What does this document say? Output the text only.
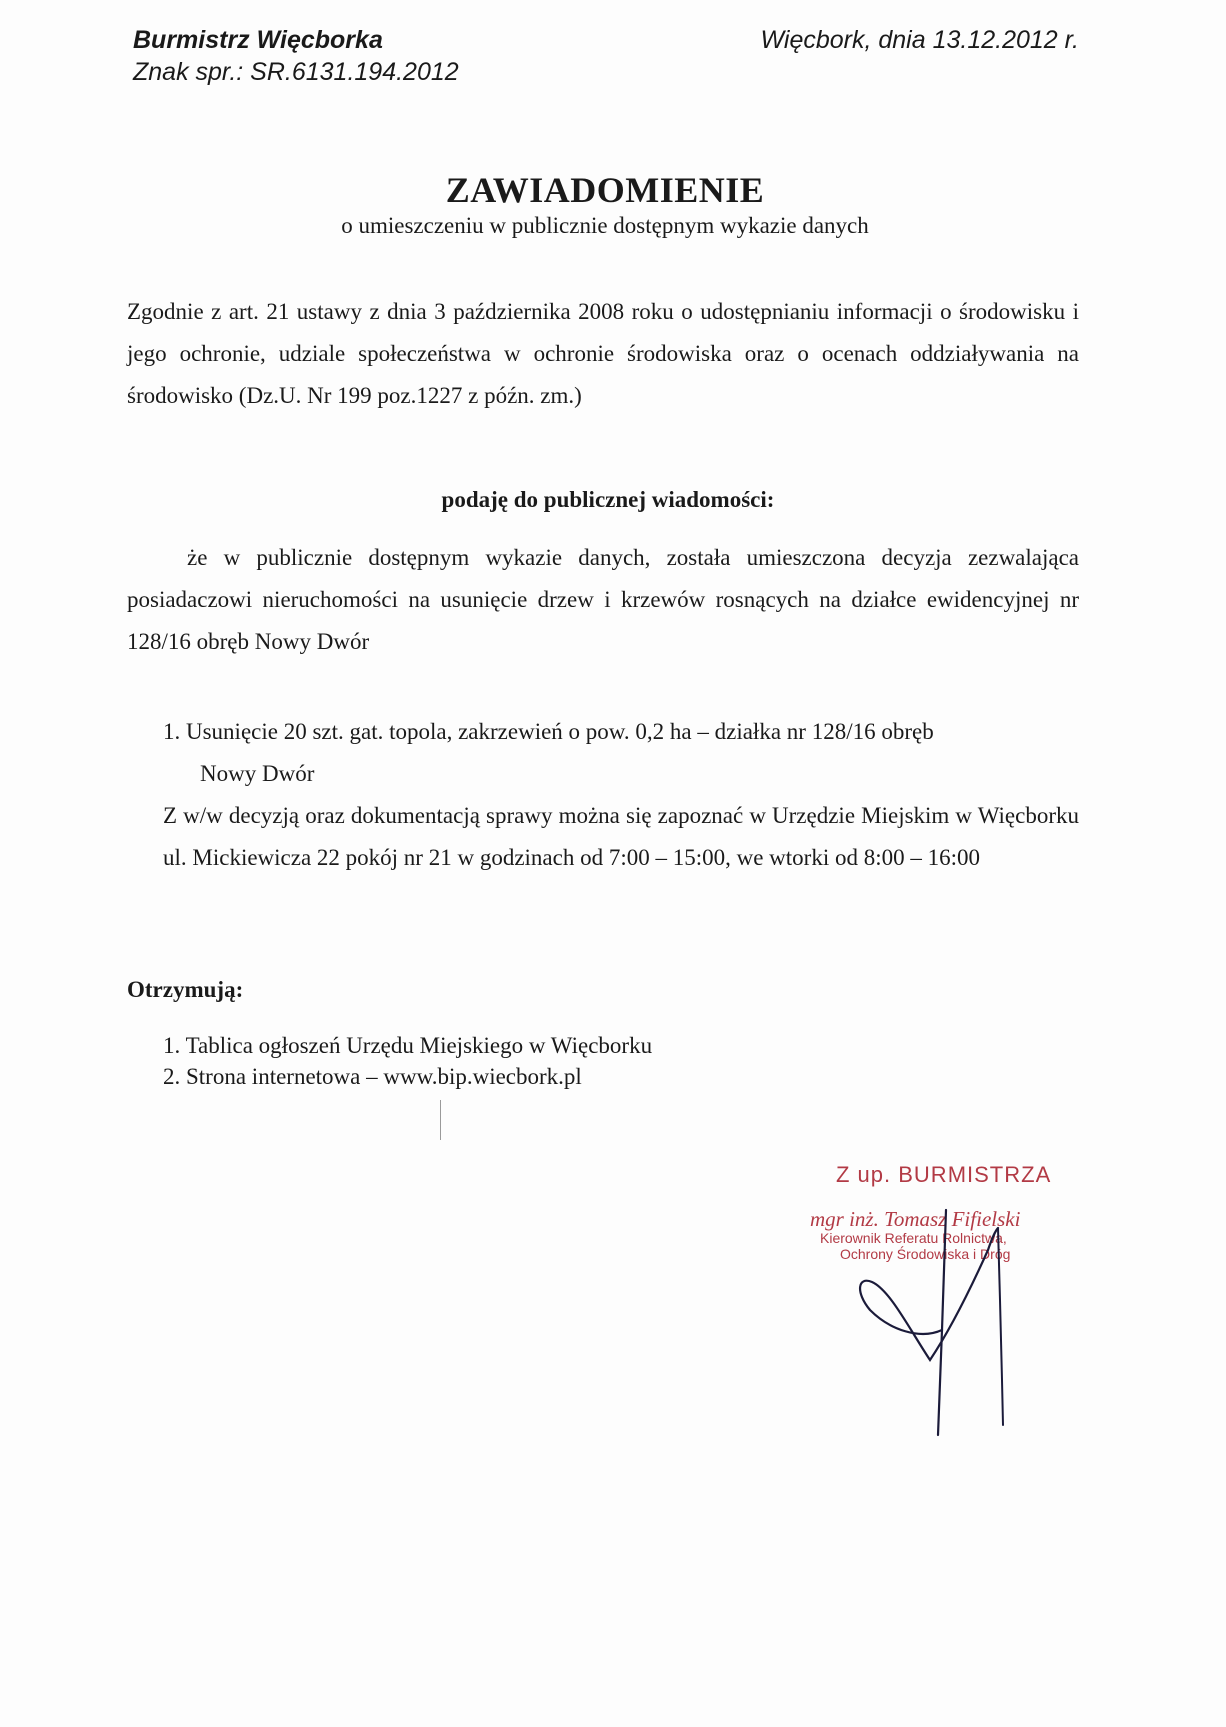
Burmistrz Więcborka
Znak spr.: SR.6131.194.2012
Więcbork, dnia 13.12.2012 r.
ZAWIADOMIENIE
o umieszczeniu w publicznie dostępnym wykazie danych
Zgodnie z art. 21 ustawy z dnia 3 października 2008 roku o udostępnianiu informacji o środowisku i jego ochronie, udziale społeczeństwa w ochronie środowiska oraz o ocenach oddziaływania na środowisko (Dz.U. Nr 199 poz.1227 z późn. zm.)
podaję do publicznej wiadomości:
że w publicznie dostępnym wykazie danych, została umieszczona decyzja zezwalająca posiadaczowi nieruchomości na usunięcie drzew i krzewów rosnących na działce ewidencyjnej nr 128/16 obręb Nowy Dwór
1. Usunięcie 20 szt. gat. topola, zakrzewień o pow. 0,2 ha – działka nr 128/16 obręb
Nowy Dwór
Z w/w decyzją oraz dokumentacją sprawy można się zapoznać w Urzędzie Miejskim w Więcborku ul. Mickiewicza 22 pokój nr 21 w godzinach od 7:00 – 15:00, we wtorki od 8:00 – 16:00
Otrzymują:
1. Tablica ogłoszeń Urzędu Miejskiego w Więcborku
2. Strona internetowa – www.bip.wiecbork.pl
Z up. BURMISTRZA
mgr inż. Tomasz Fifielski
Kierownik Referatu Rolnictwa,
Ochrony Środowiska i Dróg
